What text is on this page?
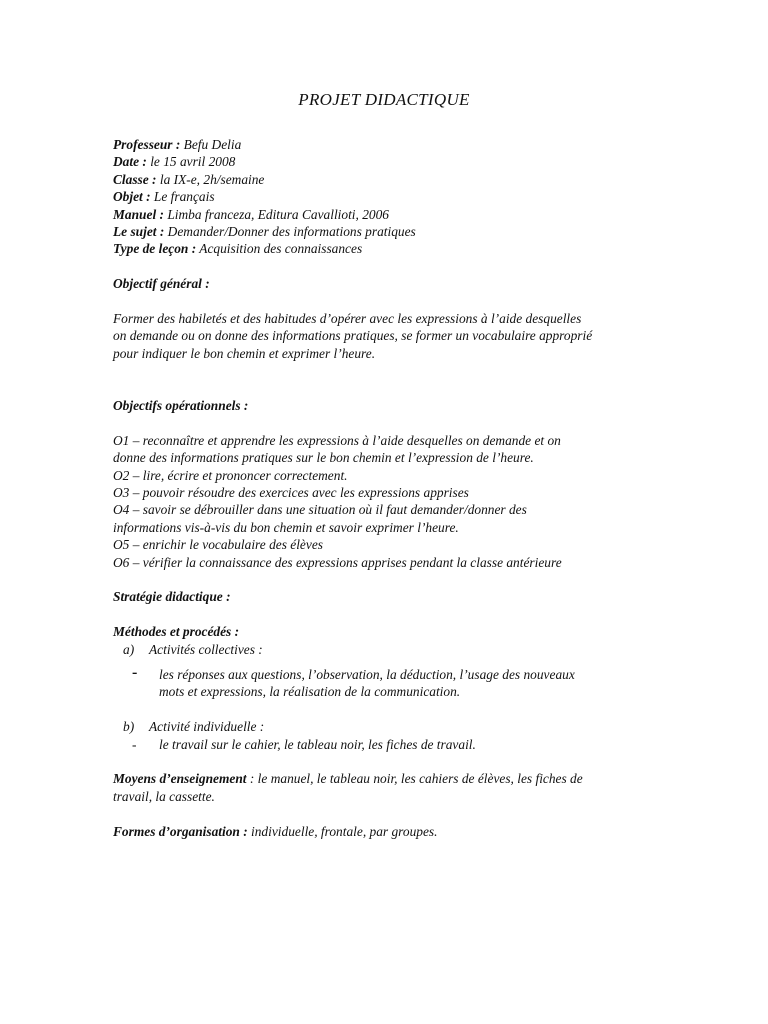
PROJET DIDACTIQUE
Professeur : Befu Delia
Date : le 15 avril 2008
Classe : la IX-e, 2h/semaine
Objet : Le français
Manuel : Limba franceza, Editura Cavallioti, 2006
Le sujet : Demander/Donner des informations pratiques
Type de leçon : Acquisition des connaissances
Objectif général :
Former des habiletés et des habitudes d’opérer avec les expressions à l’aide desquelles
on demande ou on donne des informations pratiques, se former un vocabulaire approprié
pour indiquer le bon chemin et exprimer l’heure.
Objectifs opérationnels :
O1 – reconnaître et apprendre les expressions à l’aide desquelles on demande et on
donne des informations pratiques sur le bon chemin et l’expression de l’heure.
O2 – lire, écrire et prononcer correctement.
O3 – pouvoir résoudre des exercices avec les expressions apprises
O4 – savoir se débrouiller dans une situation où il faut demander/donner des
informations vis-à-vis du bon chemin et savoir exprimer l’heure.
O5 – enrichir le vocabulaire des élèves
O6 – vérifier la connaissance des expressions apprises pendant la classe antérieure
Stratégie didactique :
Méthodes et procédés :
a) Activités collectives :
- les réponses aux questions, l’observation, la déduction, l’usage des nouveaux
mots et expressions, la réalisation de la communication.
b) Activité individuelle :
- le travail sur le cahier, le tableau noir, les fiches de travail.
Moyens d’enseignement : le manuel, le tableau noir, les cahiers de élèves, les fiches de
travail, la cassette.
Formes d’organisation : individuelle, frontale, par groupes.
